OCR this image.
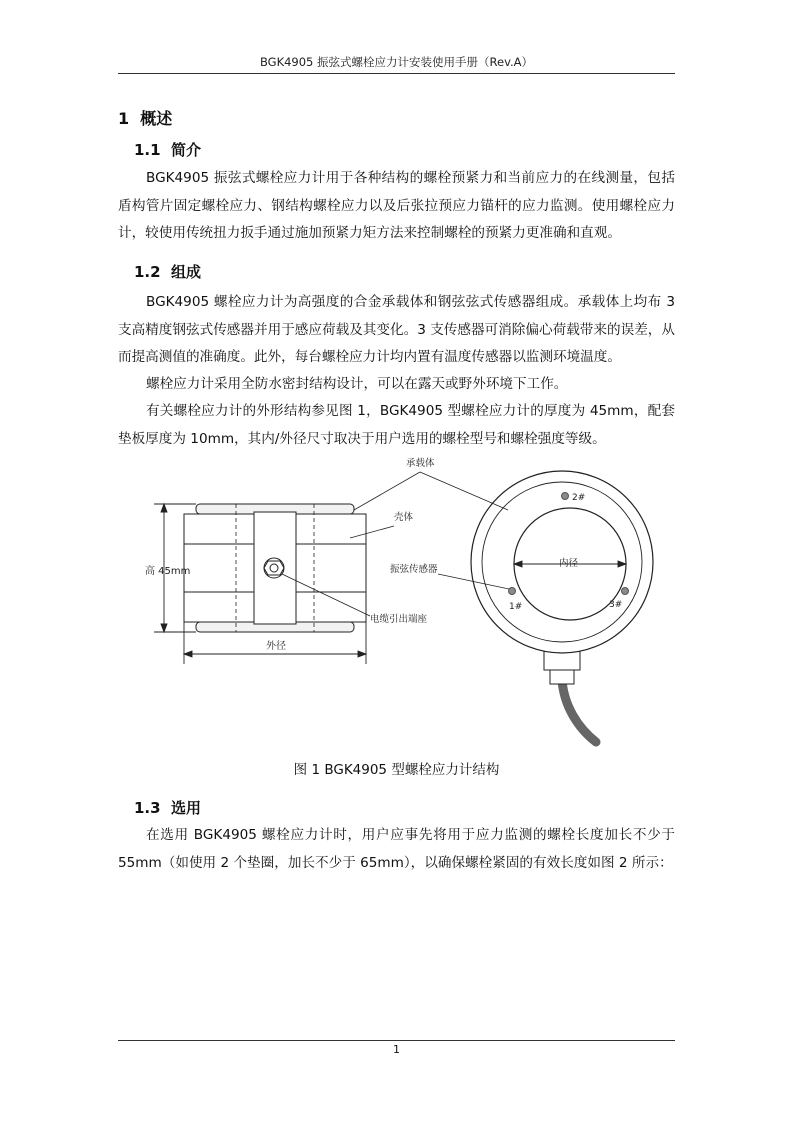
BGK4905 振弦式螺栓应力计安装使用手册（Rev.A）
1 概述
1.1 简介
BGK4905 振弦式螺栓应力计用于各种结构的螺栓预紧力和当前应力的在线测量，包括盾构管片固定螺栓应力、钢结构螺栓应力以及后张拉预应力锚杆的应力监测。使用螺栓应力计，较使用传统扭力扳手通过施加预紧力矩方法来控制螺栓的预紧力更准确和直观。
1.2 组成
BGK4905 螺栓应力计为高强度的合金承载体和钢弦弦式传感器组成。承载体上均布 3 支高精度钢弦式传感器并用于感应荷载及其变化。3 支传感器可消除偏心荷载带来的误差，从而提高测值的准确度。此外，每台螺栓应力计均内置有温度传感器以监测环境温度。
螺栓应力计采用全防水密封结构设计，可以在露天或野外环境下工作。
有关螺栓应力计的外形结构参见图 1，BGK4905 型螺栓应力计的厚度为 45mm，配套垫板厚度为 10mm，其内/外径尺寸取决于用户选用的螺栓型号和螺栓强度等级。
高 45mm
外径
内径
2#
1#	3#
承载体
壳体
振弦传感器
电缆引出端座
图 1 BGK4905 型螺栓应力计结构
1.3 选用
在选用 BGK4905 螺栓应力计时，用户应事先将用于应力监测的螺栓长度加长不少于 55mm（如使用 2 个垫圈，加长不少于 65mm），以确保螺栓紧固的有效长度如图 2 所示：
1
